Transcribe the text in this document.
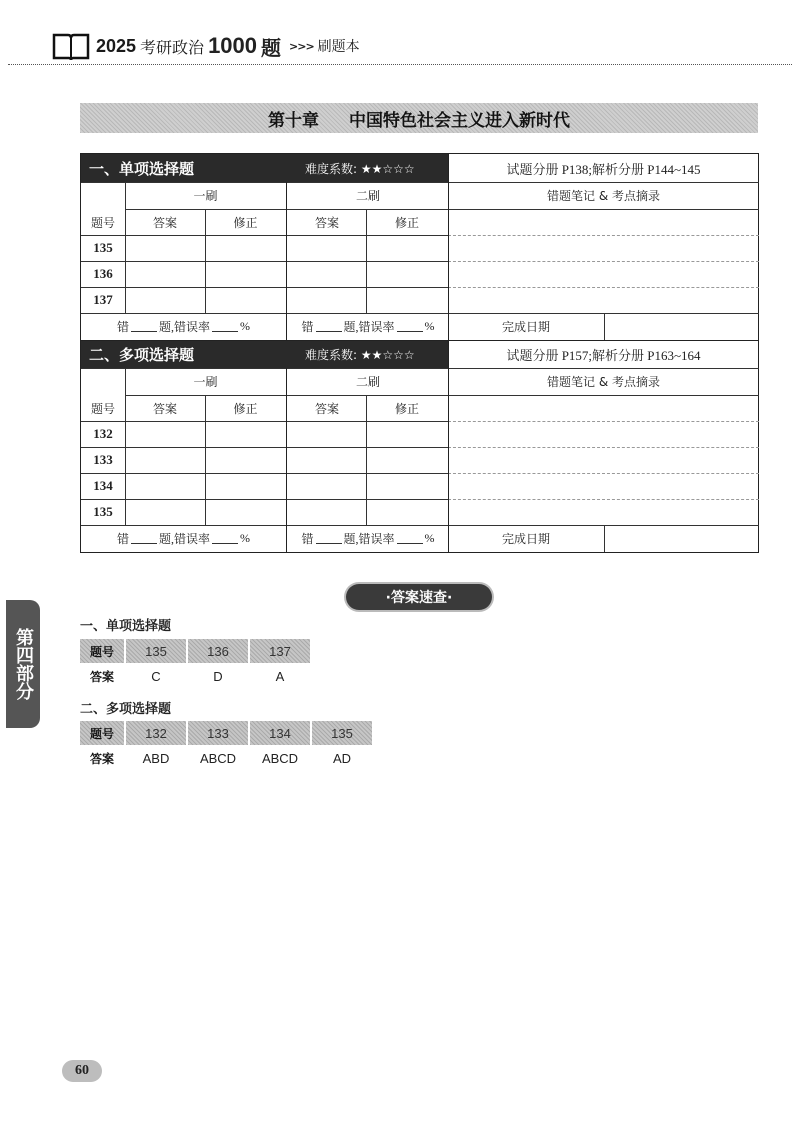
2025 考研政治 1000 题 >>> 刷题本
第十章 中国特色社会主义进入新时代
一、单项选择题	难度系数: ★★☆☆☆	试题分册 P138;解析分册 P144~145
一刷	二刷	错题笔记 & 考点摘录
题号	答案	修正	答案	修正
135
136
137
错	题,错误率	%	错	题,错误率	%	完成日期
二、多项选择题	难度系数: ★★☆☆☆	试题分册 P157;解析分册 P163~164
一刷	二刷	错题笔记 & 考点摘录
题号	答案	修正	答案	修正
132
133
134
135
错	题,错误率	%	错	题,错误率	%	完成日期
·答案速查·
一、单项选择题
题号	135	136	137
答案	C	D	A
二、多项选择题
题号	132	133	134	135
答案	ABD	ABCD	ABCD	AD
第四部分
60
